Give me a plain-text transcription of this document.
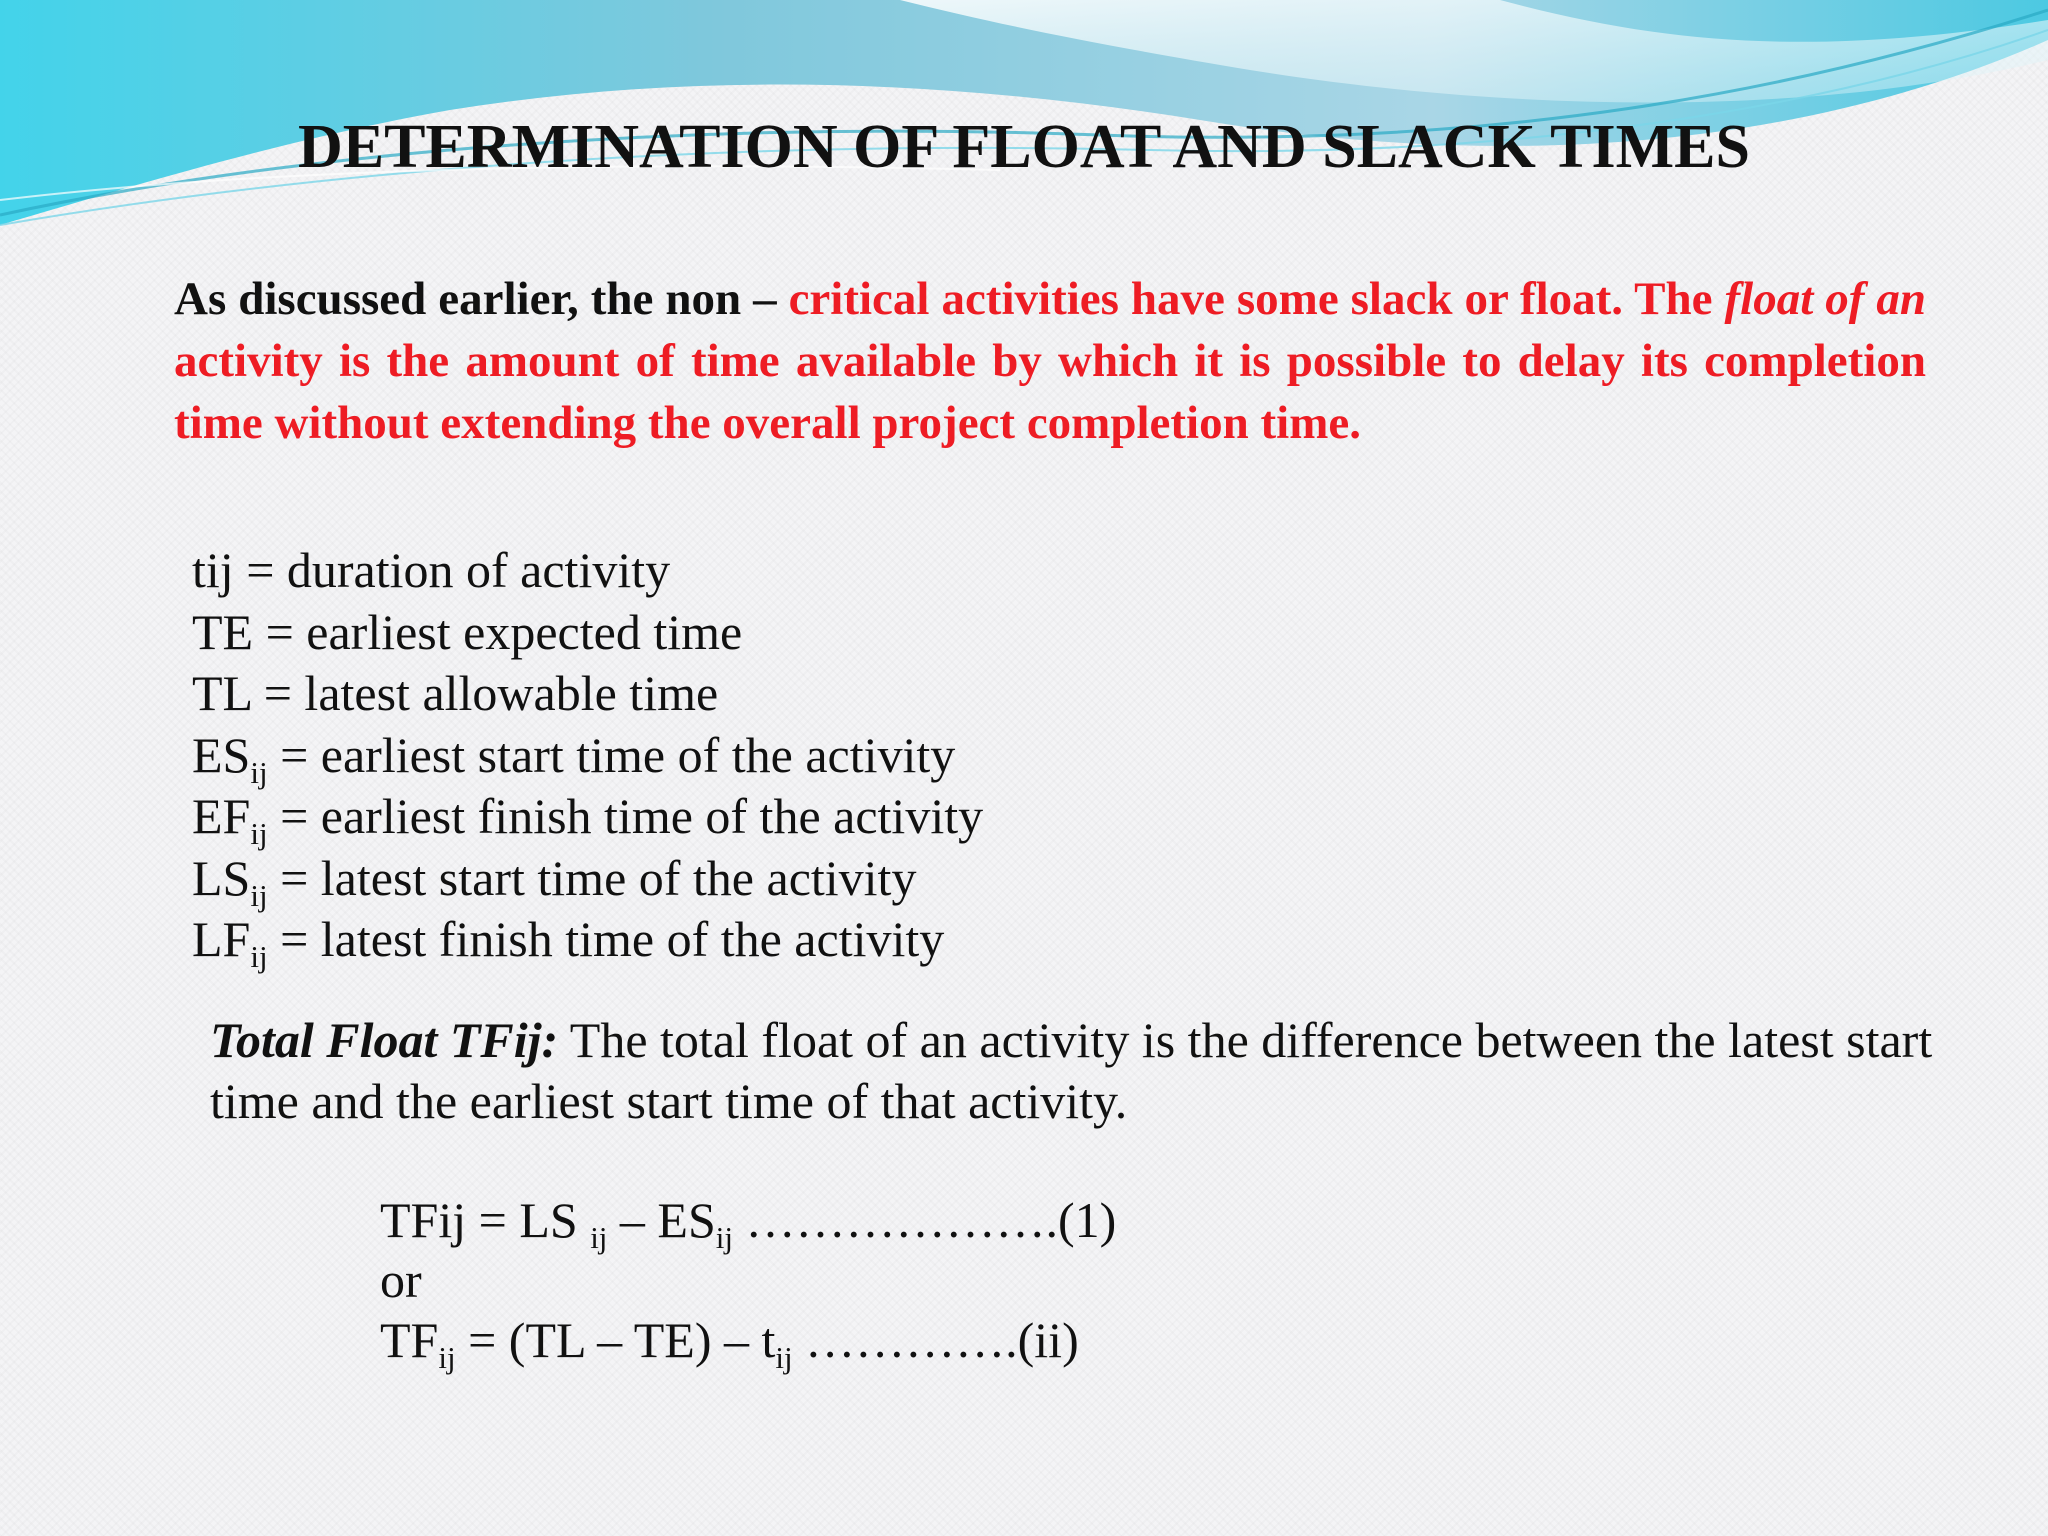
DETERMINATION OF FLOAT AND SLACK TIMES
As discussed earlier, the non – critical activities have some slack or float. The float of an activity is the amount of time available by which it is possible to delay its completion time without extending the overall project completion time.
tij = duration of activity
TE = earliest expected time
TL = latest allowable time
$ES_{ij}$ = earliest start time of the activity
$EF_{ij}$ = earliest finish time of the activity
$LS_{ij}$ = latest start time of the activity
$LF_{ij}$ = latest finish time of the activity
Total Float TFij: The total float of an activity is the difference between the latest start time and the earliest start time of that activity.
TFij = LS $_{ij} - ES_{ij}$ ……………….(1)
or
$TF_{ij} = (TL - TE) - t_{ij}$ ………….(ii)
